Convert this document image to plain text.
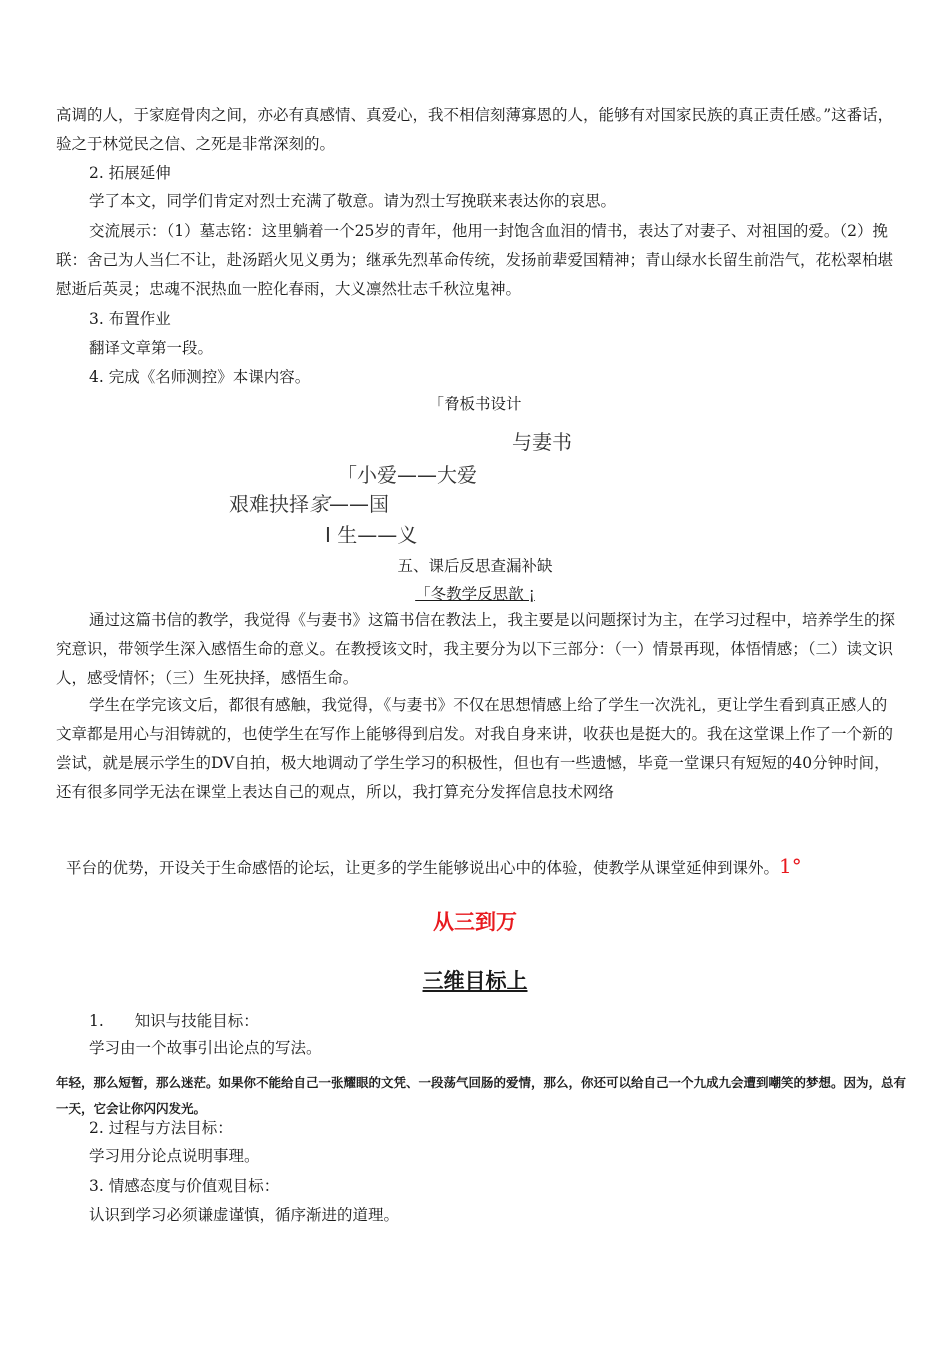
高调的人，于家庭骨肉之间，亦必有真感情、真爱心，我不相信刻薄寡恩的人，能够有对国家民族的真正责任感。”这番话，验之于林觉民之信、之死是非常深刻的。

2. 拓展延伸

学了本文，同学们肯定对烈士充满了敬意。请为烈士写挽联来表达你的哀思。

交流展示：（1）墓志铭：这里躺着一个25岁的青年，他用一封饱含血泪的情书，表达了对妻子、对祖国的爱。（2）挽联：舍己为人当仁不让，赴汤蹈火见义勇为；继承先烈革命传统，发扬前辈爱国精神；青山绿水长留生前浩气，花松翠柏堪慰逝后英灵；忠魂不泯热血一腔化春雨，大义凛然壮志千秋泣鬼神。

3. 布置作业

翻译文章第一段。

4. 完成《名师测控》本课内容。

「脅板书设计

与妻书
「小爱——大爱
艰难抉择家——国
I 生——义

五、课后反思查漏补缺

「冬教学反思歆 ¡

通过这篇书信的教学，我觉得《与妻书》这篇书信在教法上，我主要是以问题探讨为主，在学习过程中，培养学生的探究意识，带领学生深入感悟生命的意义。在教授该文时，我主要分为以下三部分：（一）情景再现，体悟情感；（二）读文识人，感受情怀；（三）生死抉择，感悟生命。

学生在学完该文后，都很有感触，我觉得，《与妻书》不仅在思想情感上给了学生一次洗礼，更让学生看到真正感人的文章都是用心与泪铸就的，也使学生在写作上能够得到启发。对我自身来讲，收获也是挺大的。我在这堂课上作了一个新的尝试，就是展示学生的DV自拍，极大地调动了学生学习的积极性，但也有一些遗憾，毕竟一堂课只有短短的40分钟时间，还有很多同学无法在课堂上表达自己的观点，所以，我打算充分发挥信息技术网络

平台的优势，开设关于生命感悟的论坛，让更多的学生能够说出心中的体验，使教学从课堂延伸到课外。1°

从三到万

三维目标上

1.　　知识与技能目标：

学习由一个故事引出论点的写法。

年轻，那么短暂，那么迷茫。如果你不能给自己一张耀眼的文凭、一段荡气回肠的爱情，那么，你还可以给自己一个九成九会遭到嘲笑的梦想。因为，总有一天，它会让你闪闪发光。

2. 过程与方法目标：

学习用分论点说明事理。

3. 情感态度与价值观目标：

认识到学习必须谦虚谨慎，循序渐进的道理。
